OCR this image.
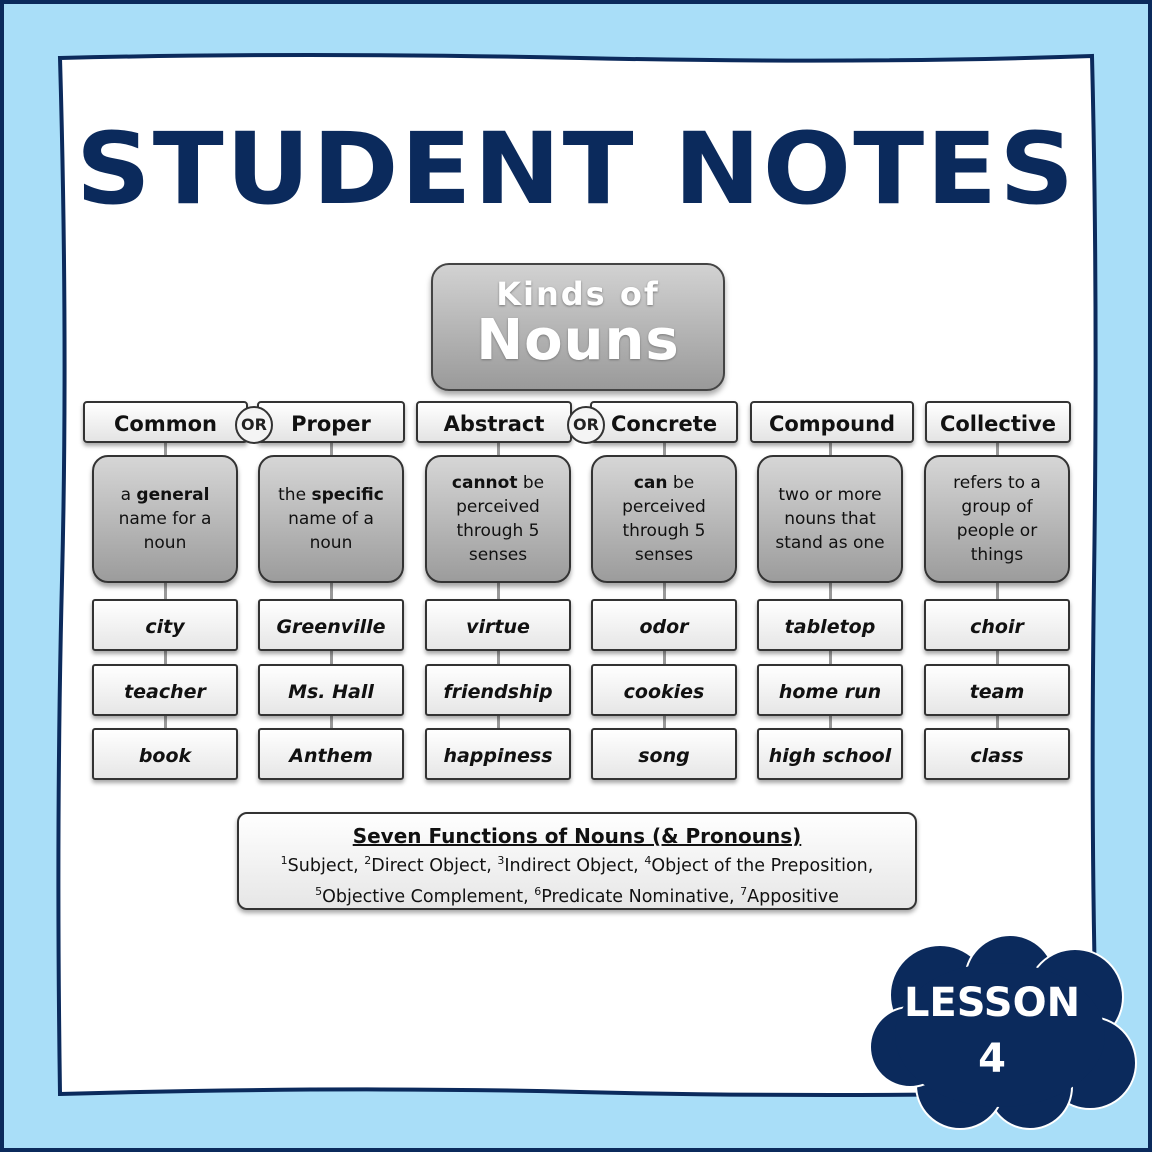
STUDENT NOTES
Kinds of
Nouns
Common
a general name for a noun
city
teacher
book
Proper
the specific name of a noun
Greenville
Ms. Hall
Anthem
Abstract
cannot be perceived through 5 senses
virtue
friendship
happiness
Concrete
can be perceived through 5 senses
odor
cookies
song
Compound
two or more nouns that stand as one
tabletop
home run
high school
Collective
refers to a group of people or things
choir
team
class
OR	OR
Seven Functions of Nouns (& Pronouns)
$^1$Subject, $^2$Direct Object, $^3$Indirect Object, $^4$Object of the Preposition,
$^5$Objective Complement, $^6$Predicate Nominative, $^7$Appositive
LESSON
4
